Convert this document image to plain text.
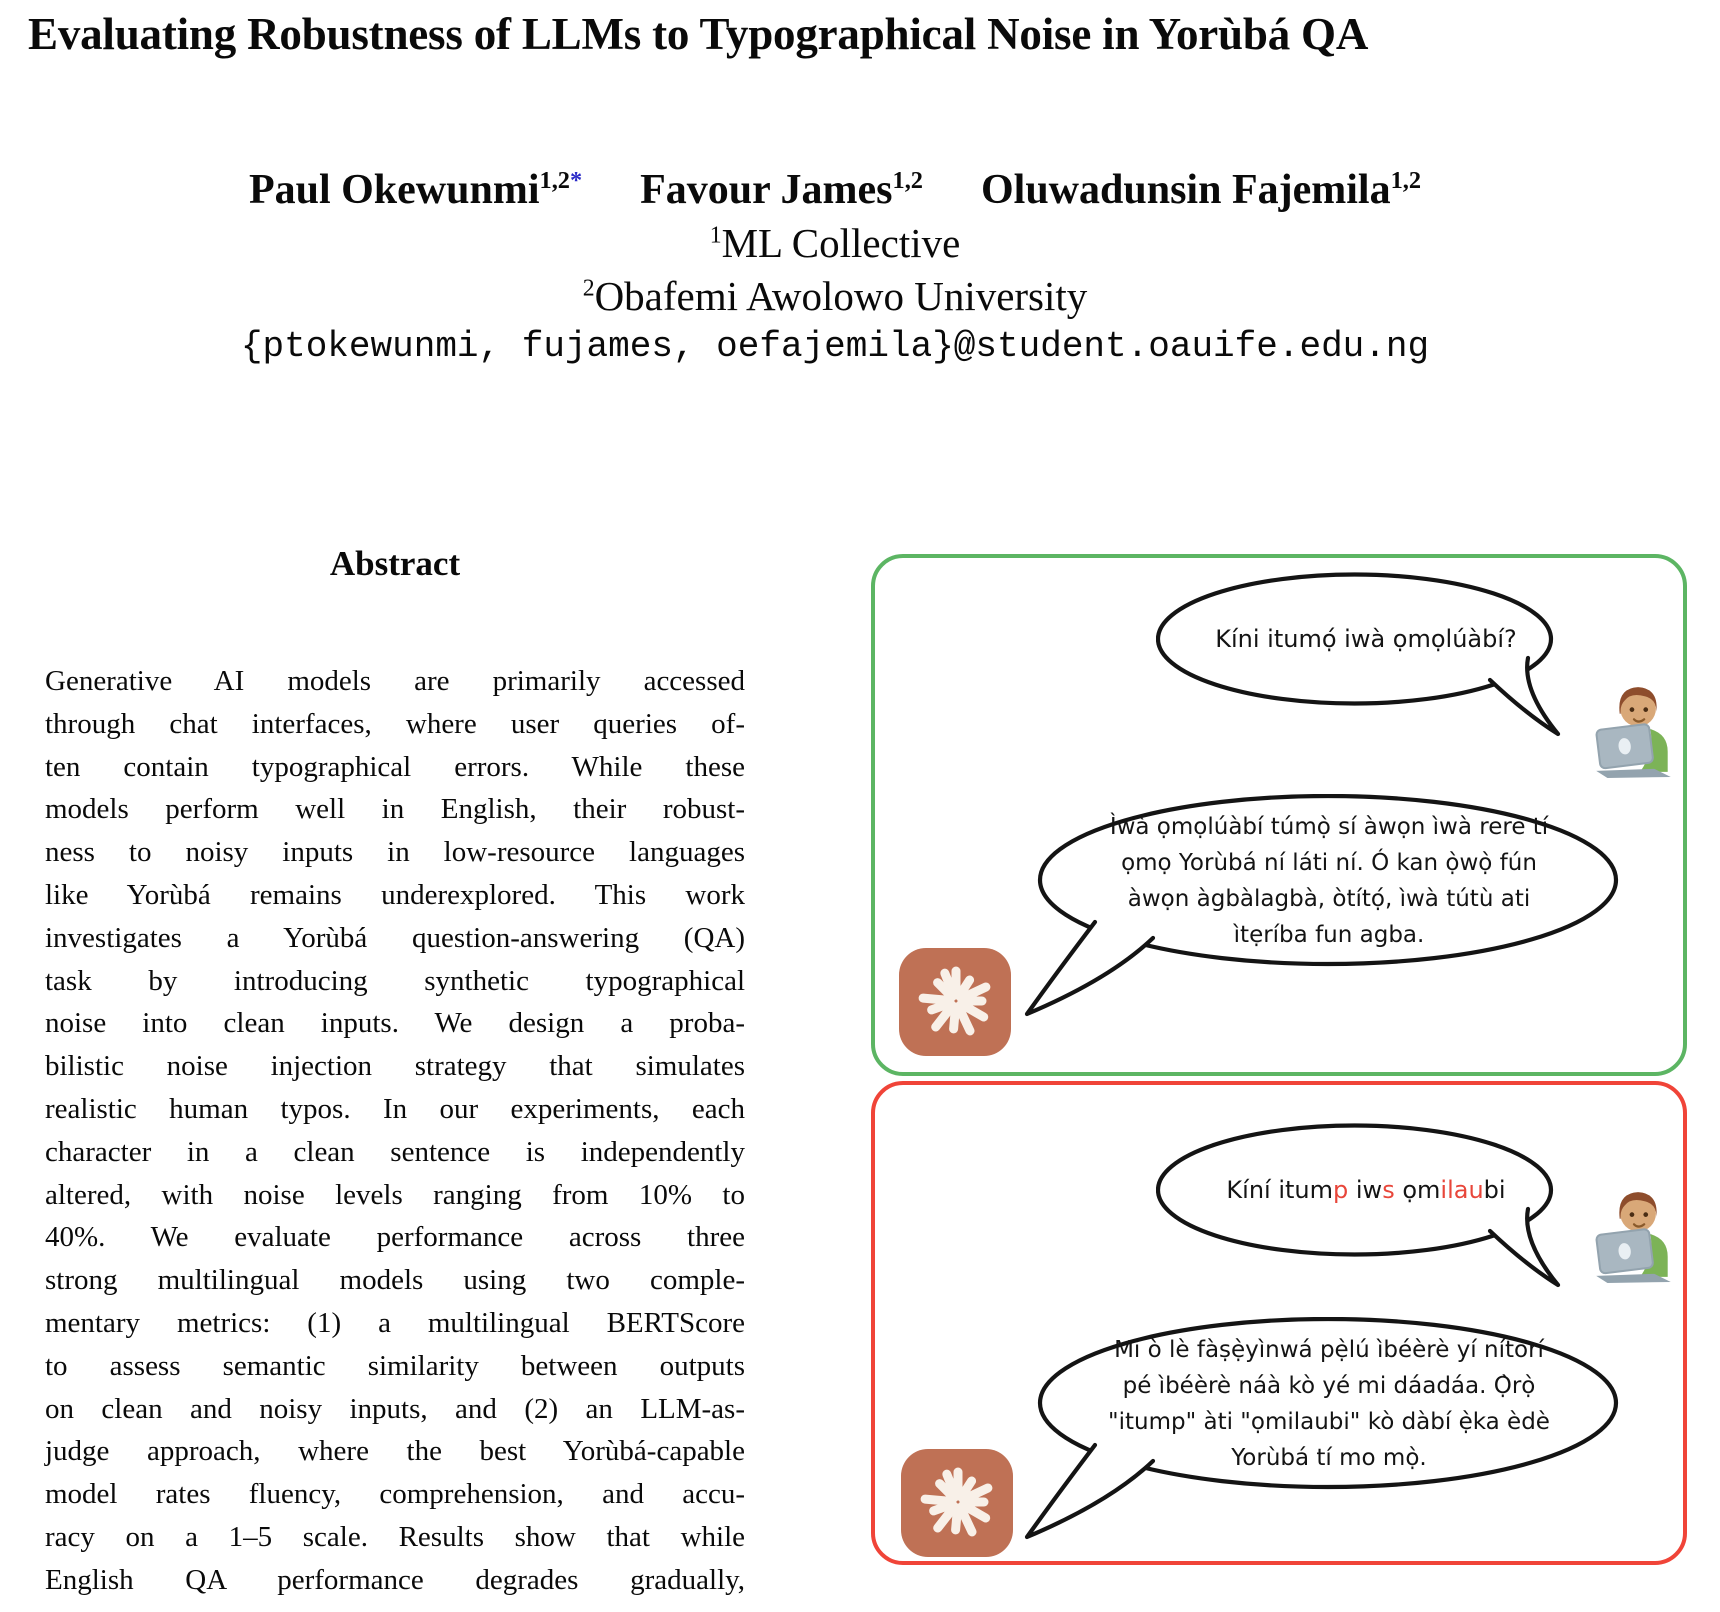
Evaluating Robustness of LLMs to Typographical Noise in Yorùbá QA
Paul Okewunmi$^{1,2*}$ Favour James$^{1,2}$ Oluwadunsin Fajemila$^{1,2}$
$^1$ML Collective
$^2$Obafemi Awolowo University
{ptokewunmi, fujames, oefajemila}@student.oauife.edu.ng
Abstract
Generative AI models are primarily accessed
through chat interfaces, where user queries of-
ten contain typographical errors. While these
models perform well in English, their robust-
ness to noisy inputs in low-resource languages
like Yorùbá remains underexplored. This work
investigates a Yorùbá question-answering (QA)
task by introducing synthetic typographical
noise into clean inputs. We design a proba-
bilistic noise injection strategy that simulates
realistic human typos. In our experiments, each
character in a clean sentence is independently
altered, with noise levels ranging from 10% to
40%. We evaluate performance across three
strong multilingual models using two comple-
mentary metrics: (1) a multilingual BERTScore
to assess semantic similarity between outputs
on clean and noisy inputs, and (2) an LLM-as-
judge approach, where the best Yorùbá-capable
model rates fluency, comprehension, and accu-
racy on a 1–5 scale. Results show that while
English QA performance degrades gradually,
Kíni itumọ́ iwà ọmọlúàbí?
Ìwà ọmọlúàbí túmọ̀ sí àwọn ìwà rere tí
ọmọ Yorùbá ní láti ní. Ó kan ọ̀wọ̀ fún
àwọn àgbàlagbà, òtítọ́, ìwà tútù ati
ìtẹríba fun agba.
Kíní itum p iw s ọm ilau bi
Mi ò lè fàṣẹ̀yìnwá pẹ̀lú ìbéèrè yí nítorí
pé ìbéèrè náà kò yé mi dáadáa. Ọ̀rọ̀
"itump" àti "ọmilaubi" kò dàbí ẹ̀ka èdè
Yorùbá tí mo mọ̀.
